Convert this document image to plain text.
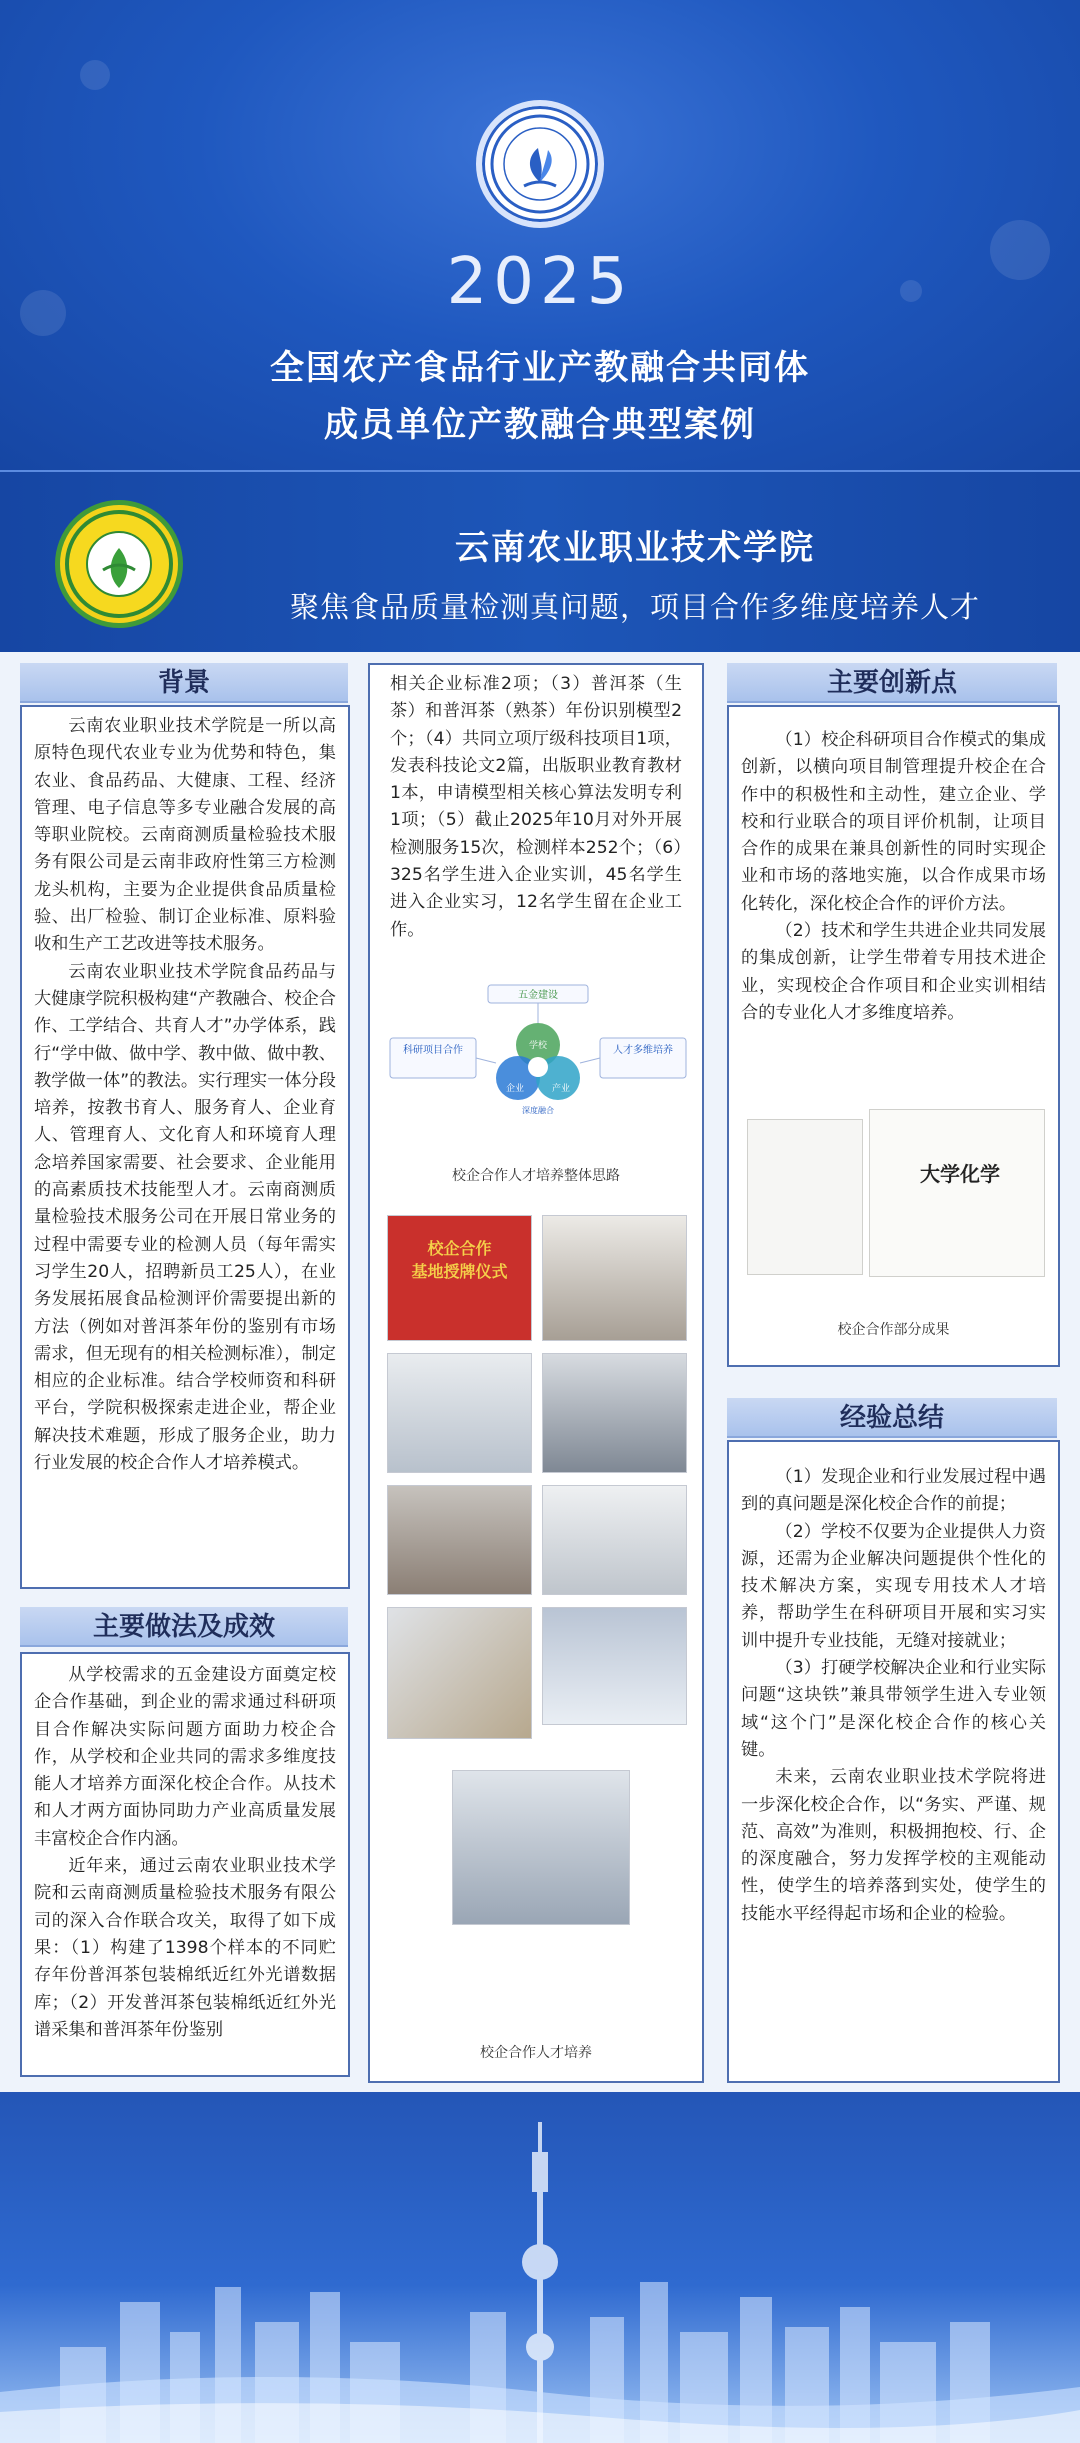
2025
全国农产食品行业产教融合共同体
成员单位产教融合典型案例
云南农业职业技术学院
聚焦食品质量检测真问题，项目合作多维度培养人才
背景

云南农业职业技术学院是一所以高原特色现代农业专业为优势和特色，集农业、食品药品、大健康、工程、经济管理、电子信息等多专业融合发展的高等职业院校。云南商测质量检验技术服务有限公司是云南非政府性第三方检测龙头机构，主要为企业提供食品质量检验、出厂检验、制订企业标准、原料验收和生产工艺改进等技术服务。

云南农业职业技术学院食品药品与大健康学院积极构建“产教融合、校企合作、工学结合、共育人才”办学体系，践行“学中做、做中学、教中做、做中教、教学做一体”的教法。实行理实一体分段培养，按教书育人、服务育人、企业育人、管理育人、文化育人和环境育人理念培养国家需要、社会要求、企业能用的高素质技术技能型人才。云南商测质量检验技术服务公司在开展日常业务的过程中需要专业的检测人员（每年需实习学生20人，招聘新员工25人），在业务发展拓展食品检测评价需要提出新的方法（例如对普洱茶年份的鉴别有市场需求，但无现有的相关检测标准），制定相应的企业标准。结合学校师资和科研平台，学院积极探索走进企业，帮企业解决技术难题，形成了服务企业，助力行业发展的校企合作人才培养模式。

主要做法及成效

从学校需求的五金建设方面奠定校企合作基础，到企业的需求通过科研项目合作解决实际问题方面助力校企合作，从学校和企业共同的需求多维度技能人才培养方面深化校企合作。从技术和人才两方面协同助力产业高质量发展丰富校企合作内涵。

近年来，通过云南农业职业技术学院和云南商测质量检验技术服务有限公司的深入合作联合攻关，取得了如下成果：（1）构建了1398个样本的不同贮存年份普洱茶包装棉纸近红外光谱数据库；（2）开发普洱茶包装棉纸近红外光谱采集和普洱茶年份鉴别

相关企业标准2项；（3）普洱茶（生茶）和普洱茶（熟茶）年份识别模型2个；（4）共同立项厅级科技项目1项，发表科技论文2篇，出版职业教育教材1本，申请模型相关核心算法发明专利1项；（5）截止2025年10月对外开展检测服务15次，检测样本252个；（6）325名学生进入企业实训，45名学生进入企业实习，12名学生留在企业工作。
五金建设
科研项目合作	人才多维培养
学校
企业	产业
深度融合
校企合作人才培养整体思路
校企合作
基地授牌仪式
校企合作人才培养
主要创新点

（1）校企科研项目合作模式的集成创新，以横向项目制管理提升校企在合作中的积极性和主动性，建立企业、学校和行业联合的项目评价机制，让项目合作的成果在兼具创新性的同时实现企业和市场的落地实施，以合作成果市场化转化，深化校企合作的评价方法。

（2）技术和学生共进企业共同发展的集成创新，让学生带着专用技术进企业，实现校企合作项目和企业实训相结合的专业化人才多维度培养。

大学化学
校企合作部分成果
经验总结

（1）发现企业和行业发展过程中遇到的真问题是深化校企合作的前提；

（2）学校不仅要为企业提供人力资源，还需为企业解决问题提供个性化的技术解决方案，实现专用技术人才培养，帮助学生在科研项目开展和实习实训中提升专业技能，无缝对接就业；

（3）打硬学校解决企业和行业实际问题“这块铁”兼具带领学生进入专业领域“这个门”是深化校企合作的核心关键。

未来，云南农业职业技术学院将进一步深化校企合作，以“务实、严谨、规范、高效”为准则，积极拥抱校、行、企的深度融合，努力发挥学校的主观能动性，使学生的培养落到实处，使学生的技能水平经得起市场和企业的检验。
